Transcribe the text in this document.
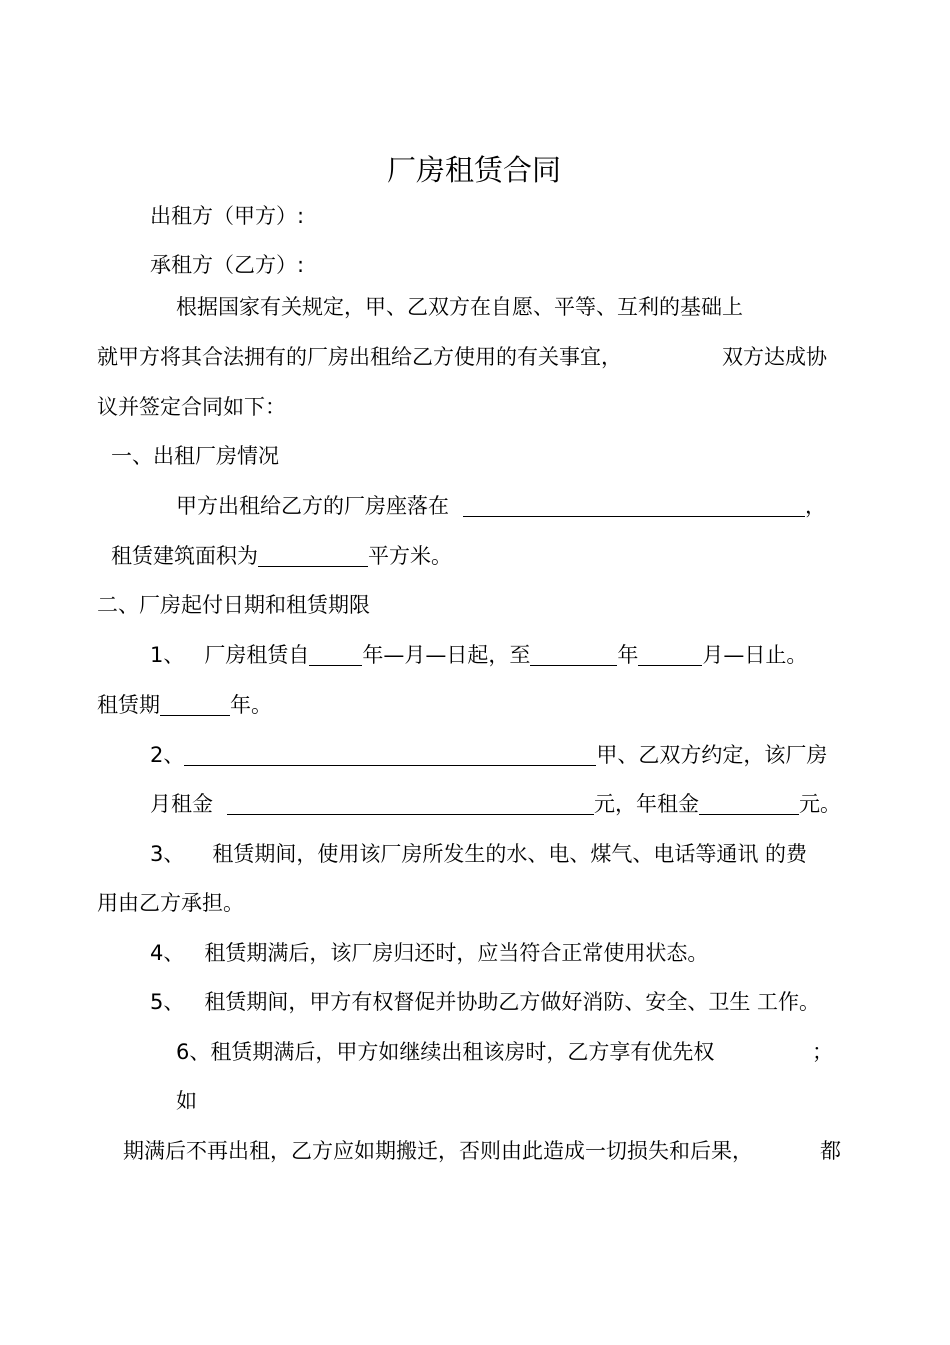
厂房租赁合同
出租方（甲方）:
承租方（乙方）:
根据国家有关规定，甲、乙双方在自愿、平等、互利的基础上
就甲方将其合法拥有的厂房出租给乙方使用的有关事宜，	双方达成协
议并签定合同如下：
一、出租厂房情况
甲方出租给乙方的厂房座落在	，
租赁建筑面积为	平方米。
二、厂房起付日期和租赁期限
1、 厂房租赁自	年—月—日起，至	年	月—日止。
租赁期	年。
2、	甲、乙双方约定，该厂房
月租金	元，年租金	元。
3、 租赁期间，使用该厂房所发生的水、电、煤气、电话等通讯 的费
用由乙方承担。
4、 租赁期满后，该厂房归还时，应当符合正常使用状态。
5、 租赁期间，甲方有权督促并协助乙方做好消防、安全、卫生 工作。
6、租赁期满后，甲方如继续出租该房时，乙方享有优先权	；
如
期满后不再出租，乙方应如期搬迁，否则由此造成一切损失和后果，	都
